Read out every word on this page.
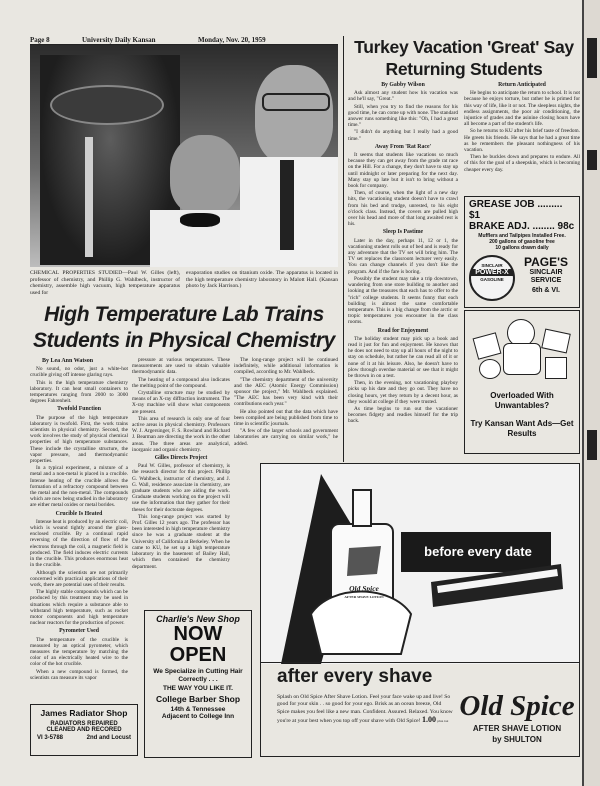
Page 8	University Daily Kansan	Monday, Nov. 20, 1959
CHEMICAL PROPERTIES STUDIED—Paul W. Gilles (left), professor of chemistry, and Phillip G. Wahlbeck, instructor of chemistry, assemble high vacuum, high temperature apparatus used for
evaporation studies on titanium oxide. The apparatus is located in the high temperature chemistry laboratory in Malott Hall. (Kansan photo by Jack Harrison.)
High Temperature Lab Trains Students in Physical Chemistry
By Lea Ann Watson

No sound, no odor, just a white-hot crucible giving off intense glaring rays.

This is the high temperature chemistry laboratory. It can heat small containers to temperatures ranging from 2000 to 3000 degrees Fahrenheit.

Twofold Function

The purpose of the high temperature laboratory is twofold. First, the work trains scientists in physical chemistry. Second, the work involves the study of physical chemical properties of high temperature substances. These include the crystalline structure, the vapor pressure, and thermodynamic properties.

In a typical experiment, a mixture of a metal and a non-metal is placed in a crucible. Intense heating of the crucible allows the formation of a refractory compound between the metal and the non-metal. The compounds which are now being studied in the laboratory are either metal oxides or metal borides.

Crucible Is Heated

Intense heat is produced by an electric coil, which is wound tightly around the glass-enclosed crucible. By a continual rapid reversing of the direction of flow of the electrons through the coil, a magnetic field is produced. The field induces electric currents in the crucible. This produces enormous heat in the crucible.

Although the scientists are not primarily concerned with practical applications of their work, there are potential uses of their results.

The highly stable compounds which can be produced by this treatment may be used in situations which require a substance able to withstand high temperature, such as rocket motor components and high temperature nuclear reactors for the production of power.

Pyrometer Used

The temperature of the crucible is measured by an optical pyrometer, which measures the temperature by matching the color of an electrically heated wire to the color of the hot crucible.

When a new compound is formed, the scientists can measure its vapor

pressure at various temperatures. These measurements are used to obtain valuable thermodynamic data.

The heating of a compound also indicates the melting point of the compound.

Crystalline structure may be studied by means of an X-ray diffraction instrument. The X-ray machine will show what components are present.

This area of research is only one of four active areas in physical chemistry. Professors W. J. Argersinger, F. S. Rowland and Richard J. Bearman are directing the work in the other areas. The three areas are analytical, inorganic and organic chemistry.

Gilles Directs Project

Paul W. Gilles, professor of chemistry, is the research director for this project. Phillip G. Wahlbeck, instructor of chemistry, and J. G. Wall, residence associate in chemistry, are graduate students who are aiding the work. Graduate students working on the project will use the information that they gather for their theses for their doctorate degrees.

This long-range project was started by Prof. Gilles 12 years ago. The professor has been interested in high temperature chemistry since he was a graduate student at the University of California at Berkeley. When he came to KU, he set up a high temperature laboratory in the basement of Bailey Hall, which then contained the chemistry department.

The long-range project will be continued indefinitely, while additional information is compiled, according to Mr. Wahlbeck.

"The chemistry department of the university and the AEC (Atomic Energy Commission) sponsor the project," Mr. Wahlbeck explained. "The AEC has been very kind with their contributions each year."

He also pointed out that the data which have been compiled are being published from time to time in scientific journals.

"A few of the larger schools and government laboratories are carrying on similar work," he added.

Turkey Vacation 'Great' Say Returning Students
By Gabby Wilson

Ask almost any student how his vacation was and he'll say, "Great."

Still, when you try to find the reasons for his good time, he can come up with none. The standard answer runs something like this: "Oh, I had a great time."

"I didn't do anything but I really had a good time."

Away From 'Rat Race'

It seems that students like vacations so much because they can get away from the grade rat race on the Hill. For a change, they don't have to stay up until midnight or later preparing for the next day. Many stay up late but it isn't to bring without a book for company.

Then, of course, when the light of a new day hits, the vacationing student doesn't have to crawl from his bed and trudge, unrested, to his eight o'clock class. Instead, the covers are pulled high over his head and more of that long awaited rest is his.

Sleep Is Pastime

Later in the day, perhaps 11, 12 or 1, the vacationing student rolls out of bed and is ready for any adventure that the TV set will bring him. The TV set replaces the classroom lecturer very easily. You can change channels if you don't like the program. And if the fare is boring.

Possibly the student may take a trip downtown, wandering from one store building to another and looking at the treasures that each has to offer to the "rich" college students. It seems funny that each building is almost the same comfortable temperature. This is a big change from the arctic or tropic temperatures you encounter in the class rooms.

Read for Enjoyment

The holiday student may pick up a book and read it just for fun and enjoyment. He knows that he does not need to stay up all hours of the night to stay on schedule, but rather he can read all of it or none of it at his leisure. Also, he doesn't have to plow through overdue material or see that it might be thrown in on a test.

Then, in the evening, not vacationing playboy picks up his date and they go out. They have no closing hours, yet they return by a decent hour, as they would at college if they were trusted.

As time begins to run out the vacationer becomes fidgety and readies himself for the trip back.

Return Anticipated

He begins to anticipate the return to school. It is not because he enjoys torture, but rather he is primed for this way of life, like it or not. The sleepless nights, the endless assignments, the poor air conditioning, the injustice of grades and the asinine closing hours have all become a part of the student's life.

So he returns to KU after his brief taste of freedom. He greets his friends. He says that he had a great time as he remembers the pleasant nothingness of his vacation.

Then he buckles down and prepares to endure. All of this for the goal of a sheepskin, which is becoming cheaper every day.

GREASE JOB ......... $1
BRAKE ADJ. ........ 98c
Mufflers and Tailpipes Installed Free.
200 gallons of gasoline free
10 gallons drawn daily
SINCLAIR
POWER-X
GASOLINE
PAGE'S
SINCLAIR SERVICE
6th & VI.
Overloaded With Unwantables?
Try Kansan Want Ads—Get Results
Charlie's New Shop
NOW
OPEN
We Specialize in Cutting Hair Correctly . . .
THE WAY YOU LIKE IT.
College Barber Shop
14th & Tennessee
Adjacent to College Inn
James Radiator Shop
RADIATORS REPAIRED
CLEANED AND RECORED
VI 3-5788	2nd and Locust
before every date
Old Spice
AFTER SHAVE LOTION
after every shave
Splash on Old Spice After Shave Lotion. Feel your face wake up and live! So good for your skin . . so good for your ego. Brisk as an ocean breeze, Old Spice makes you feel like a new man. Confident. Assured. Relaxed. You know you're at your best when you top off your shave with Old Spice! 1.00 plus tax Old Spice
AFTER SHAVE LOTION
by SHULTON
